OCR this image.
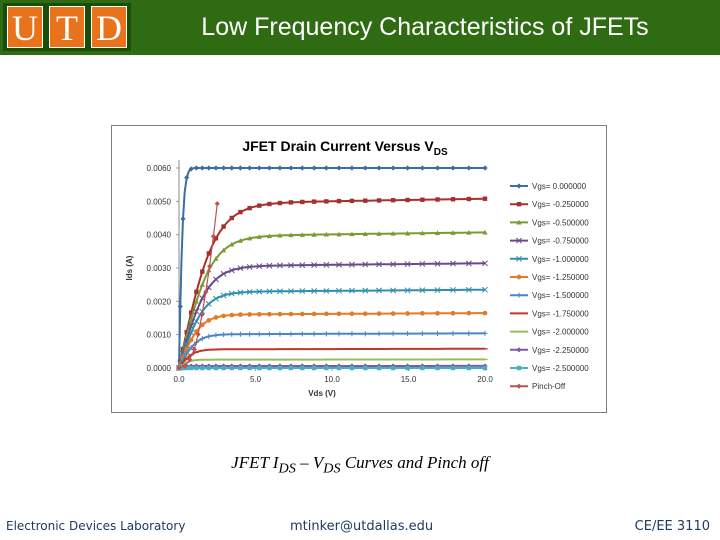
U T D	Low Frequency Characteristics of JFETs
JFET Drain Current Versus $V_{DS}$
0.0000
0.0010
0.0020
0.0030
0.0040
0.0050
0.0060
0.0	5.0	10.0	15.0	20.0
Vds (V)
Ids (A)
Vgs= 0.000000
Vgs= -0.250000
Vgs= -0.500000
Vgs= -0.750000
Vgs= -1.000000
Vgs= -1.250000
Vgs= -1.500000
Vgs= -1.750000
Vgs= -2.000000
Vgs= -2.250000
Vgs= -2.500000
Pinch-Off
JFET $I_{DS} - V_{DS}$ Curves and Pinch off
Electronic Devices Laboratory	mtinker@utdallas.edu	CE/EE 3110
